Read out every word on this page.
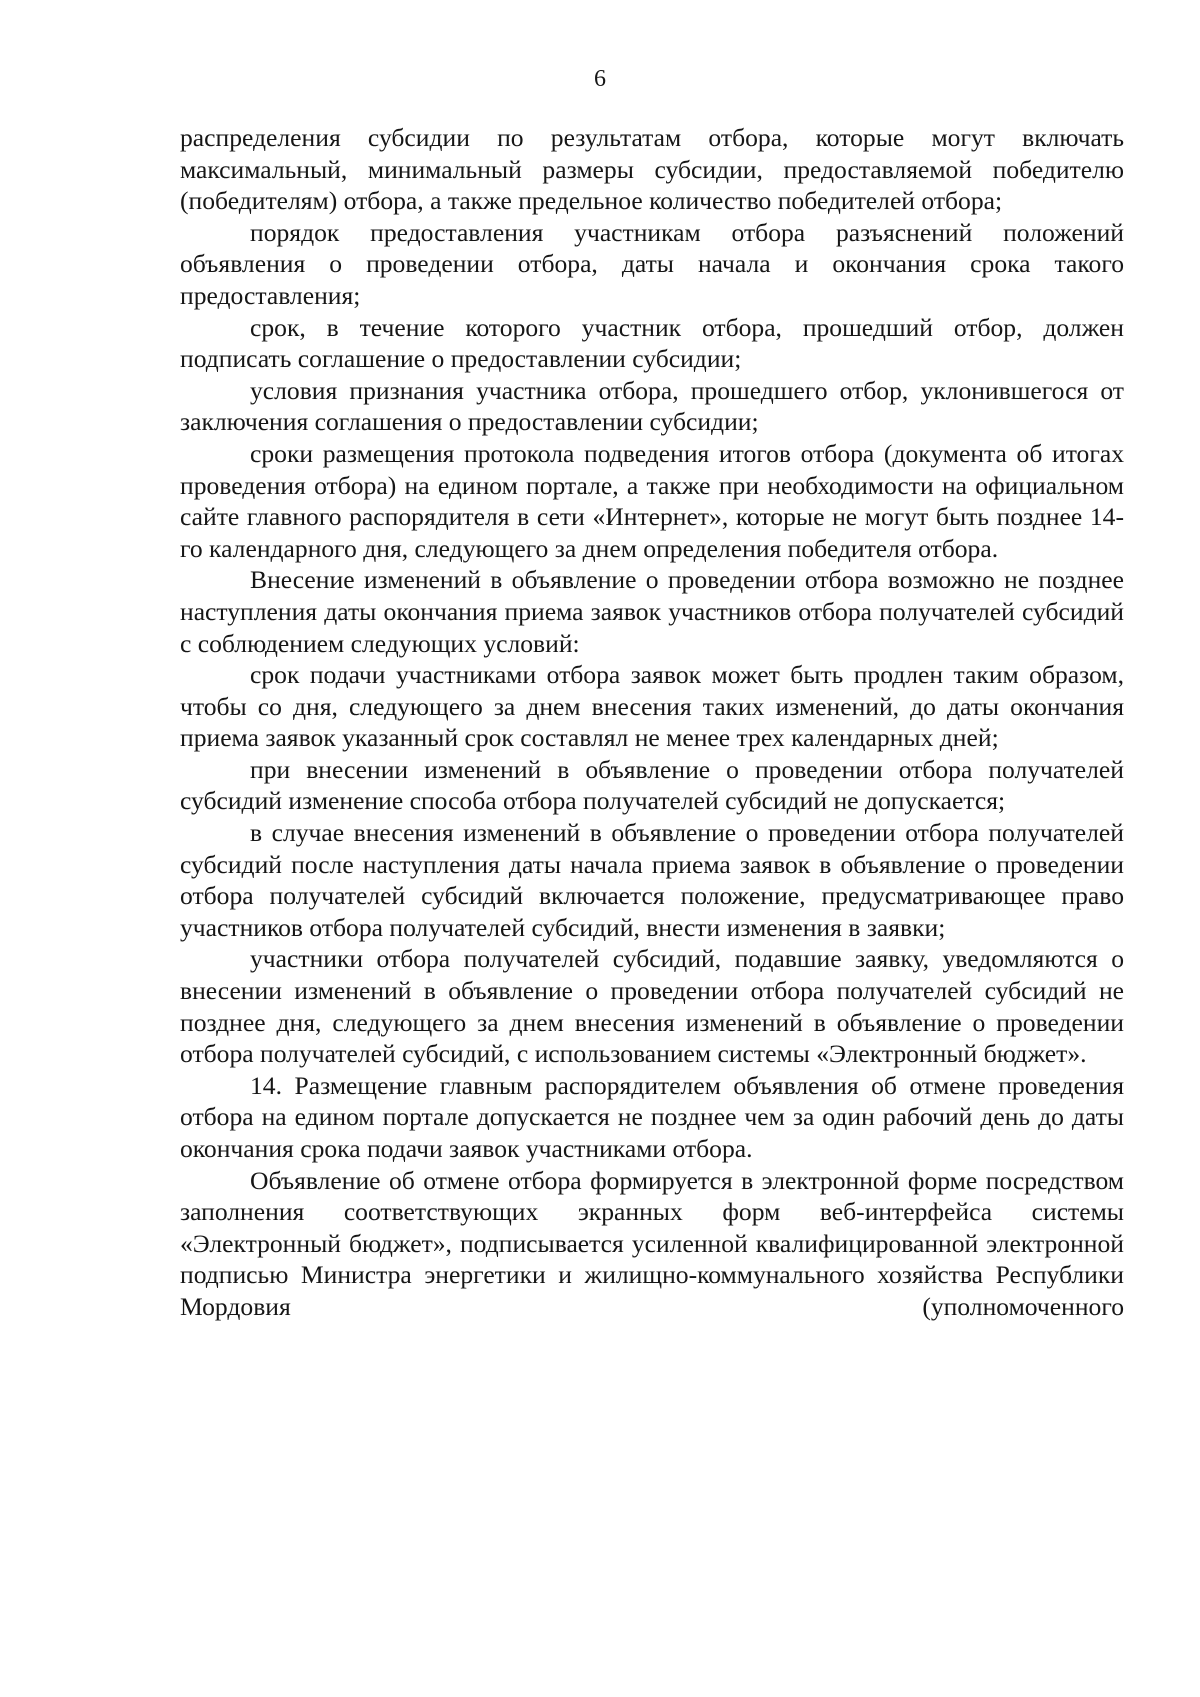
6

распределения субсидии по результатам отбора, которые могут включать максимальный, минимальный размеры субсидии, предоставляемой победителю (победителям) отбора, а также предельное количество победителей отбора;

порядок предоставления участникам отбора разъяснений положений объявления о проведении отбора, даты начала и окончания срока такого предоставления;

срок, в течение которого участник отбора, прошедший отбор, должен подписать соглашение о предоставлении субсидии;

условия признания участника отбора, прошедшего отбор, уклонившегося от заключения соглашения о предоставлении субсидии;

сроки размещения протокола подведения итогов отбора (документа об итогах проведения отбора) на едином портале, а также при необходимости на официальном сайте главного распорядителя в сети «Интернет», которые не могут быть позднее 14-го календарного дня, следующего за днем определения победителя отбора.

Внесение изменений в объявление о проведении отбора возможно не позднее наступления даты окончания приема заявок участников отбора получателей субсидий с соблюдением следующих условий:

срок подачи участниками отбора заявок может быть продлен таким образом, чтобы со дня, следующего за днем внесения таких изменений, до даты окончания приема заявок указанный срок составлял не менее трех календарных дней;

при внесении изменений в объявление о проведении отбора получателей субсидий изменение способа отбора получателей субсидий не допускается;

в случае внесения изменений в объявление о проведении отбора получателей субсидий после наступления даты начала приема заявок в объявление о проведении отбора получателей субсидий включается положение, предусматривающее право участников отбора получателей субсидий, внести изменения в заявки;

участники отбора получателей субсидий, подавшие заявку, уведомляются о внесении изменений в объявление о проведении отбора получателей субсидий не позднее дня, следующего за днем внесения изменений в объявление о проведении отбора получателей субсидий, с использованием системы «Электронный бюджет».

14. Размещение главным распорядителем объявления об отмене проведения отбора на едином портале допускается не позднее чем за один рабочий день до даты окончания срока подачи заявок участниками отбора.

Объявление об отмене отбора формируется в электронной форме посредством заполнения соответствующих экранных форм веб-интерфейса системы «Электронный бюджет», подписывается усиленной квалифицированной электронной подписью Министра энергетики и жилищно-коммунального хозяйства Республики Мордовия (уполномоченного
